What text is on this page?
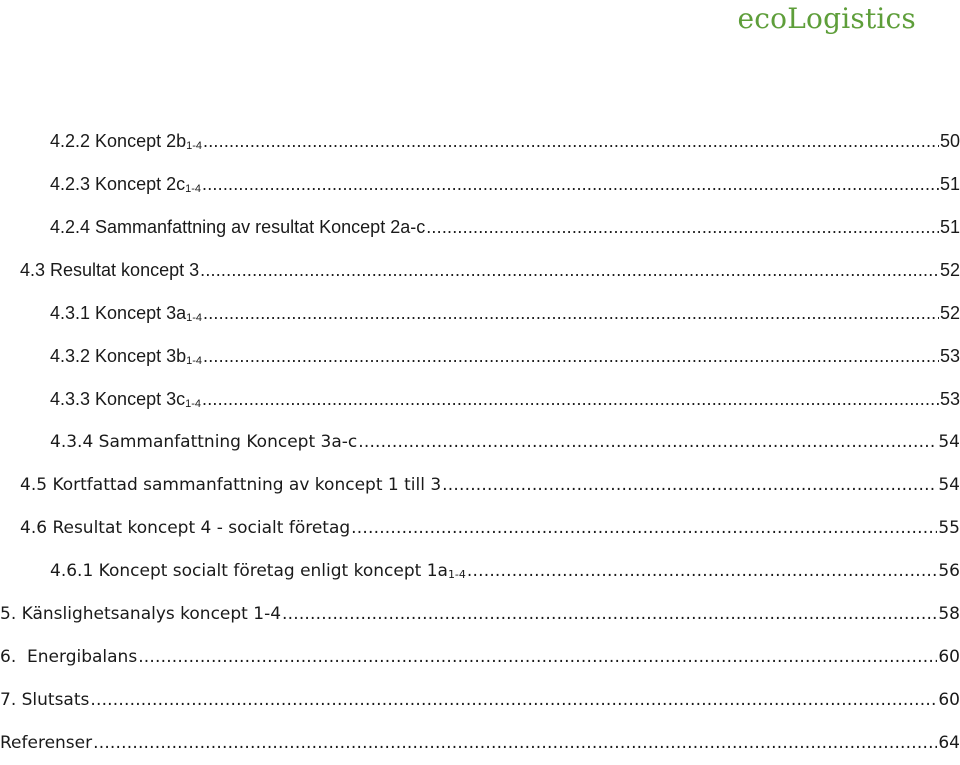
ecoLogistics
4.2.2 Koncept $2b_{1-4}$ .....	50
4.2.3 Koncept $2c_{1-4}$ .....	51
4.2.4 Sammanfattning av resultat Koncept 2a-c .....	51
4.3 Resultat koncept 3 .....	52
4.3.1 Koncept $3a_{1-4}$ .....	52
4.3.2 Koncept $3b_{1-4}$ .....	53
4.3.3 Koncept $3c_{1-4}$ .....	53
4.3.4 Sammanfattning Koncept 3a-c .....	54
4.5 Kortfattad sammanfattning av koncept 1 till 3 .....	54
4.6 Resultat koncept 4 - socialt företag .....	55
4.6.1 Koncept socialt företag enligt koncept $1a_{1-4}$ .....	56
5. Känslighetsanalys koncept 1-4 .....	58
6.  Energibalans .....	60
7. Slutsats .....	60
Referenser .....	64
